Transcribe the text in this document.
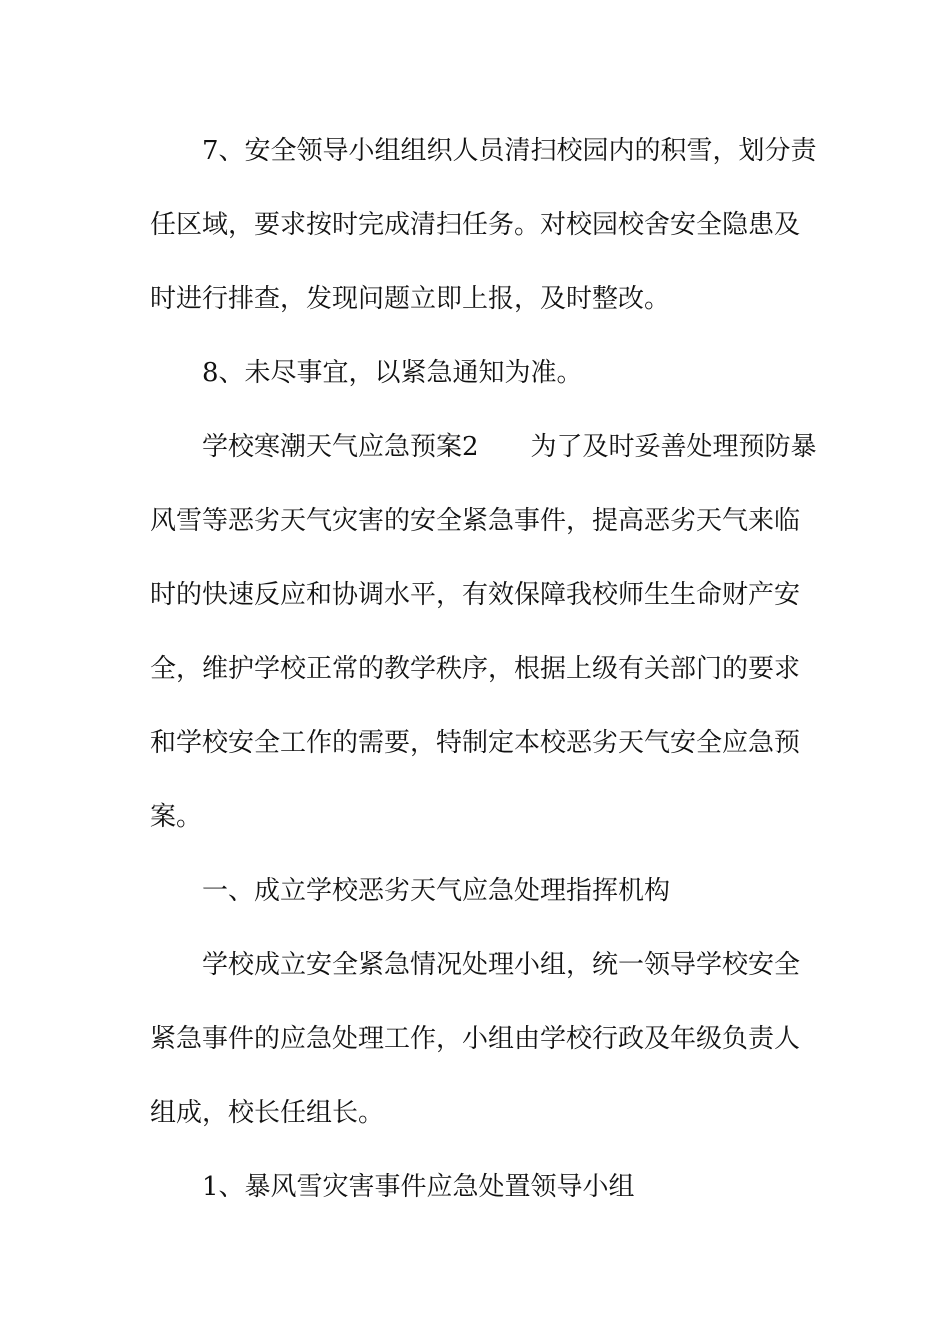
7、安全领导小组组织人员清扫校园内的积雪，划分责
任区域，要求按时完成清扫任务。对校园校舍安全隐患及
时进行排查，发现问题立即上报，及时整改。
8、未尽事宜，以紧急通知为准。
学校寒潮天气应急预案2　　为了及时妥善处理预防暴
风雪等恶劣天气灾害的安全紧急事件，提高恶劣天气来临
时的快速反应和协调水平，有效保障我校师生生命财产安
全，维护学校正常的教学秩序，根据上级有关部门的要求
和学校安全工作的需要，特制定本校恶劣天气安全应急预
案。
一、成立学校恶劣天气应急处理指挥机构
学校成立安全紧急情况处理小组，统一领导学校安全
紧急事件的应急处理工作，小组由学校行政及年级负责人
组成，校长任组长。
1、暴风雪灾害事件应急处置领导小组
